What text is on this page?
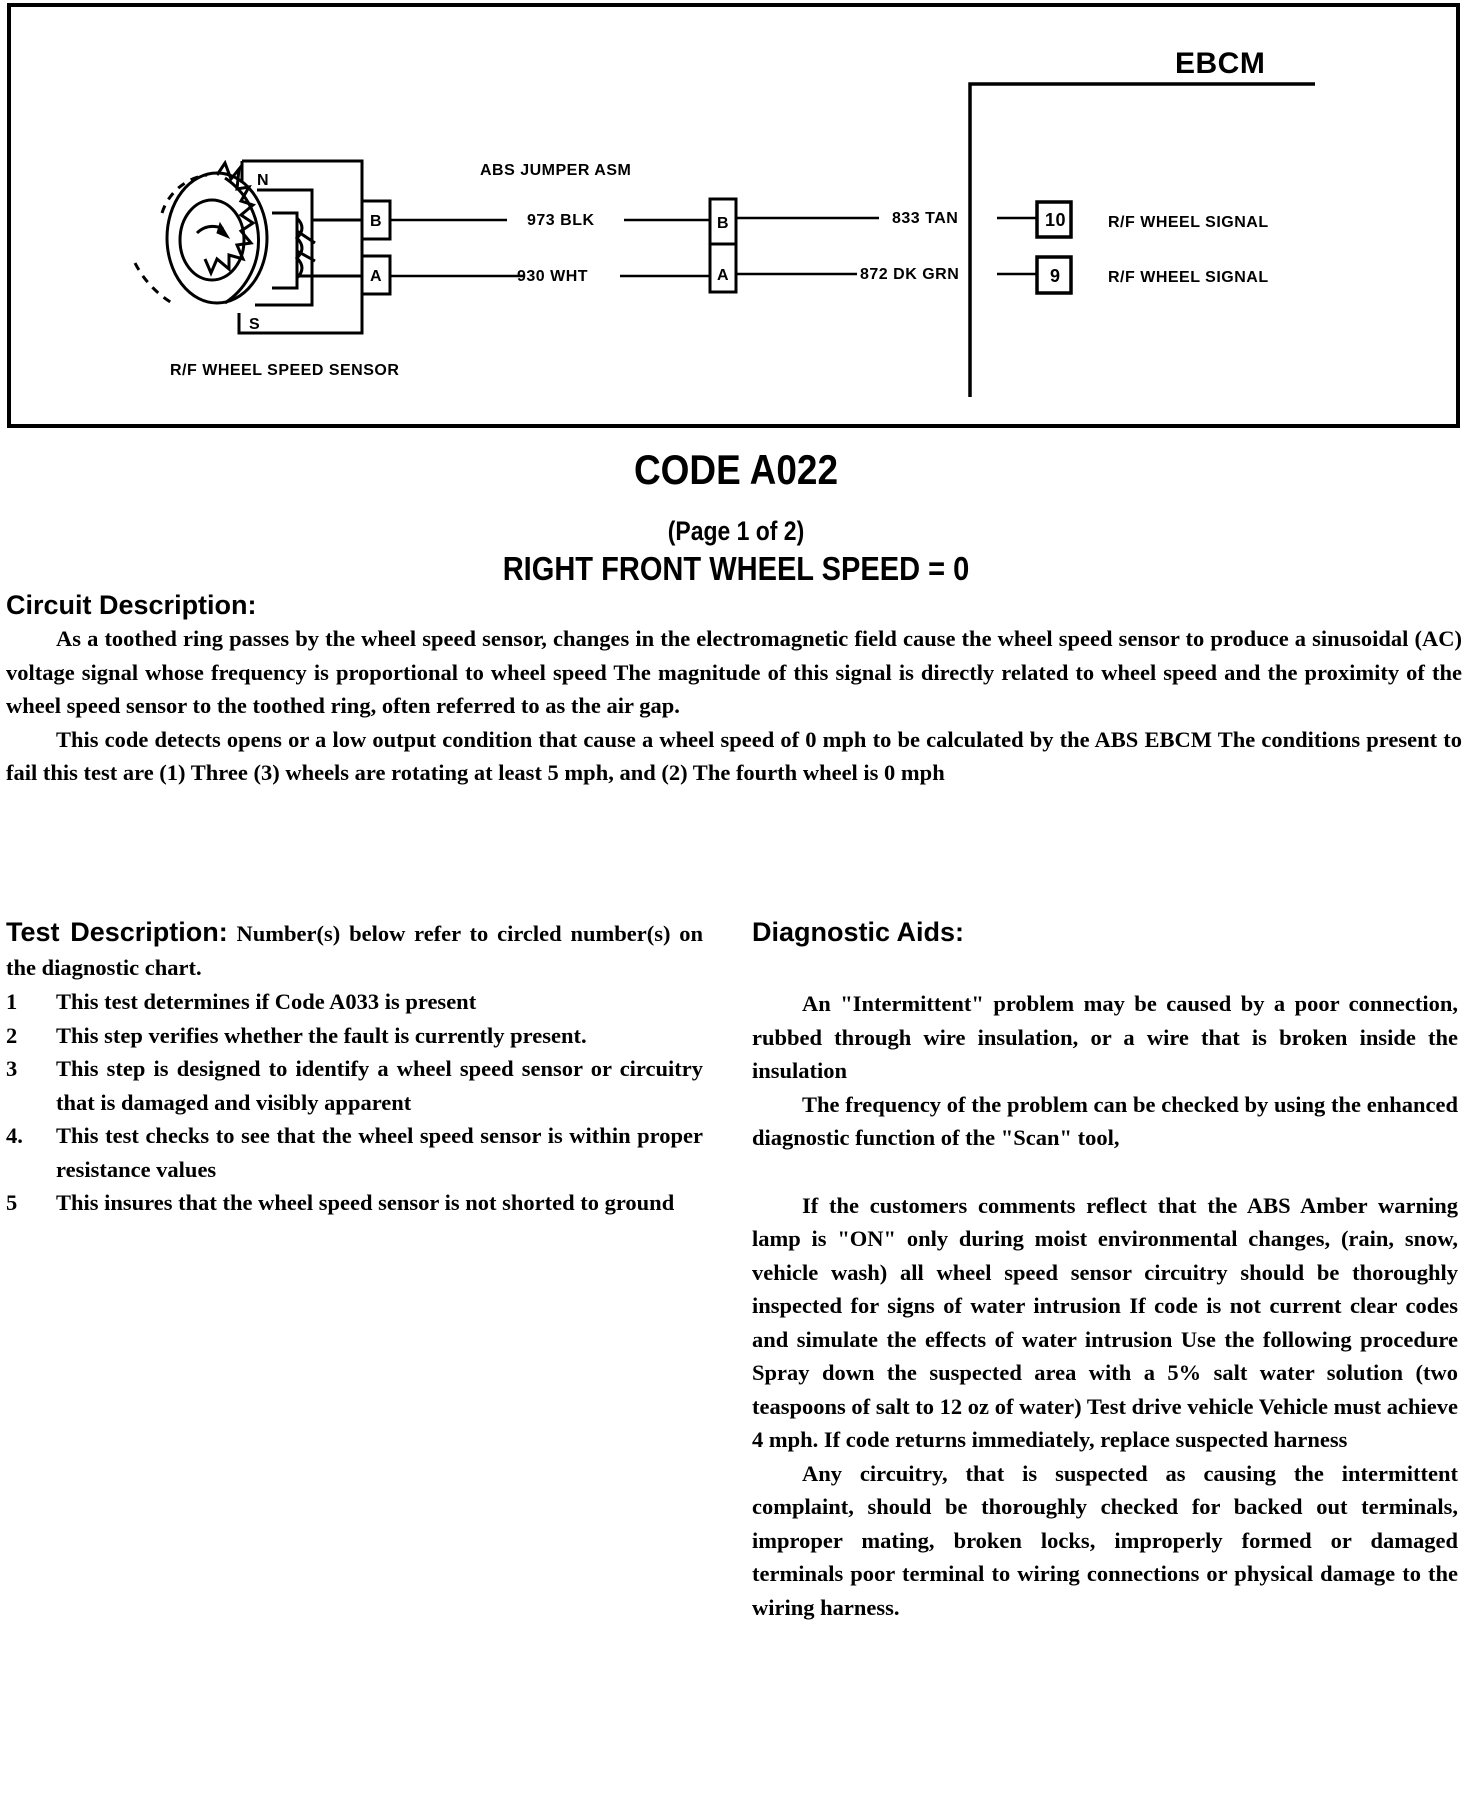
N
S
B
A
ABS JUMPER ASM
973 BLK
930 WHT
R/F WHEEL SPEED SENSOR
B
A
833 TAN
872 DK GRN
10
9
R/F WHEEL SIGNAL
R/F WHEEL SIGNAL
EBCM
CODE A022
(Page 1 of 2)
RIGHT FRONT WHEEL SPEED = 0
Circuit Description:

As a toothed ring passes by the wheel speed sensor, changes in the electromagnetic field cause the wheel speed sensor to produce a sinusoidal (AC) voltage signal whose frequency is proportional to wheel speed The magnitude of this signal is directly related to wheel speed and the proximity of the wheel speed sensor to the toothed ring, often referred to as the air gap.

This code detects opens or a low output condition that cause a wheel speed of 0 mph to be calculated by the ABS EBCM The conditions present to fail this test are (1) Three (3) wheels are rotating at least 5 mph, and (2) The fourth wheel is 0 mph

Test Description: Number(s) below refer to circled number(s) on the diagnostic chart.
1 This test determines if Code A033 is present
2 This step verifies whether the fault is currently present.
3 This step is designed to identify a wheel speed sensor or circuitry that is damaged and visibly apparent
4. This test checks to see that the wheel speed sensor is within proper resistance values
5 This insures that the wheel speed sensor is not shorted to ground
Diagnostic Aids:

An "Intermittent" problem may be caused by a poor connection, rubbed through wire insulation, or a wire that is broken inside the insulation

The frequency of the problem can be checked by using the enhanced diagnostic function of the "Scan" tool,

If the customers comments reflect that the ABS Amber warning lamp is "ON" only during moist environmental changes, (rain, snow, vehicle wash) all wheel speed sensor circuitry should be thoroughly inspected for signs of water intrusion If code is not current clear codes and simulate the effects of water intrusion Use the following procedure Spray down the suspected area with a 5% salt water solution (two teaspoons of salt to 12 oz of water) Test drive vehicle Vehicle must achieve 4 mph. If code returns immediately, replace suspected harness

Any circuitry, that is suspected as causing the intermittent complaint, should be thoroughly checked for backed out terminals, improper mating, broken locks, improperly formed or damaged terminals poor terminal to wiring connections or physical damage to the wiring harness.
